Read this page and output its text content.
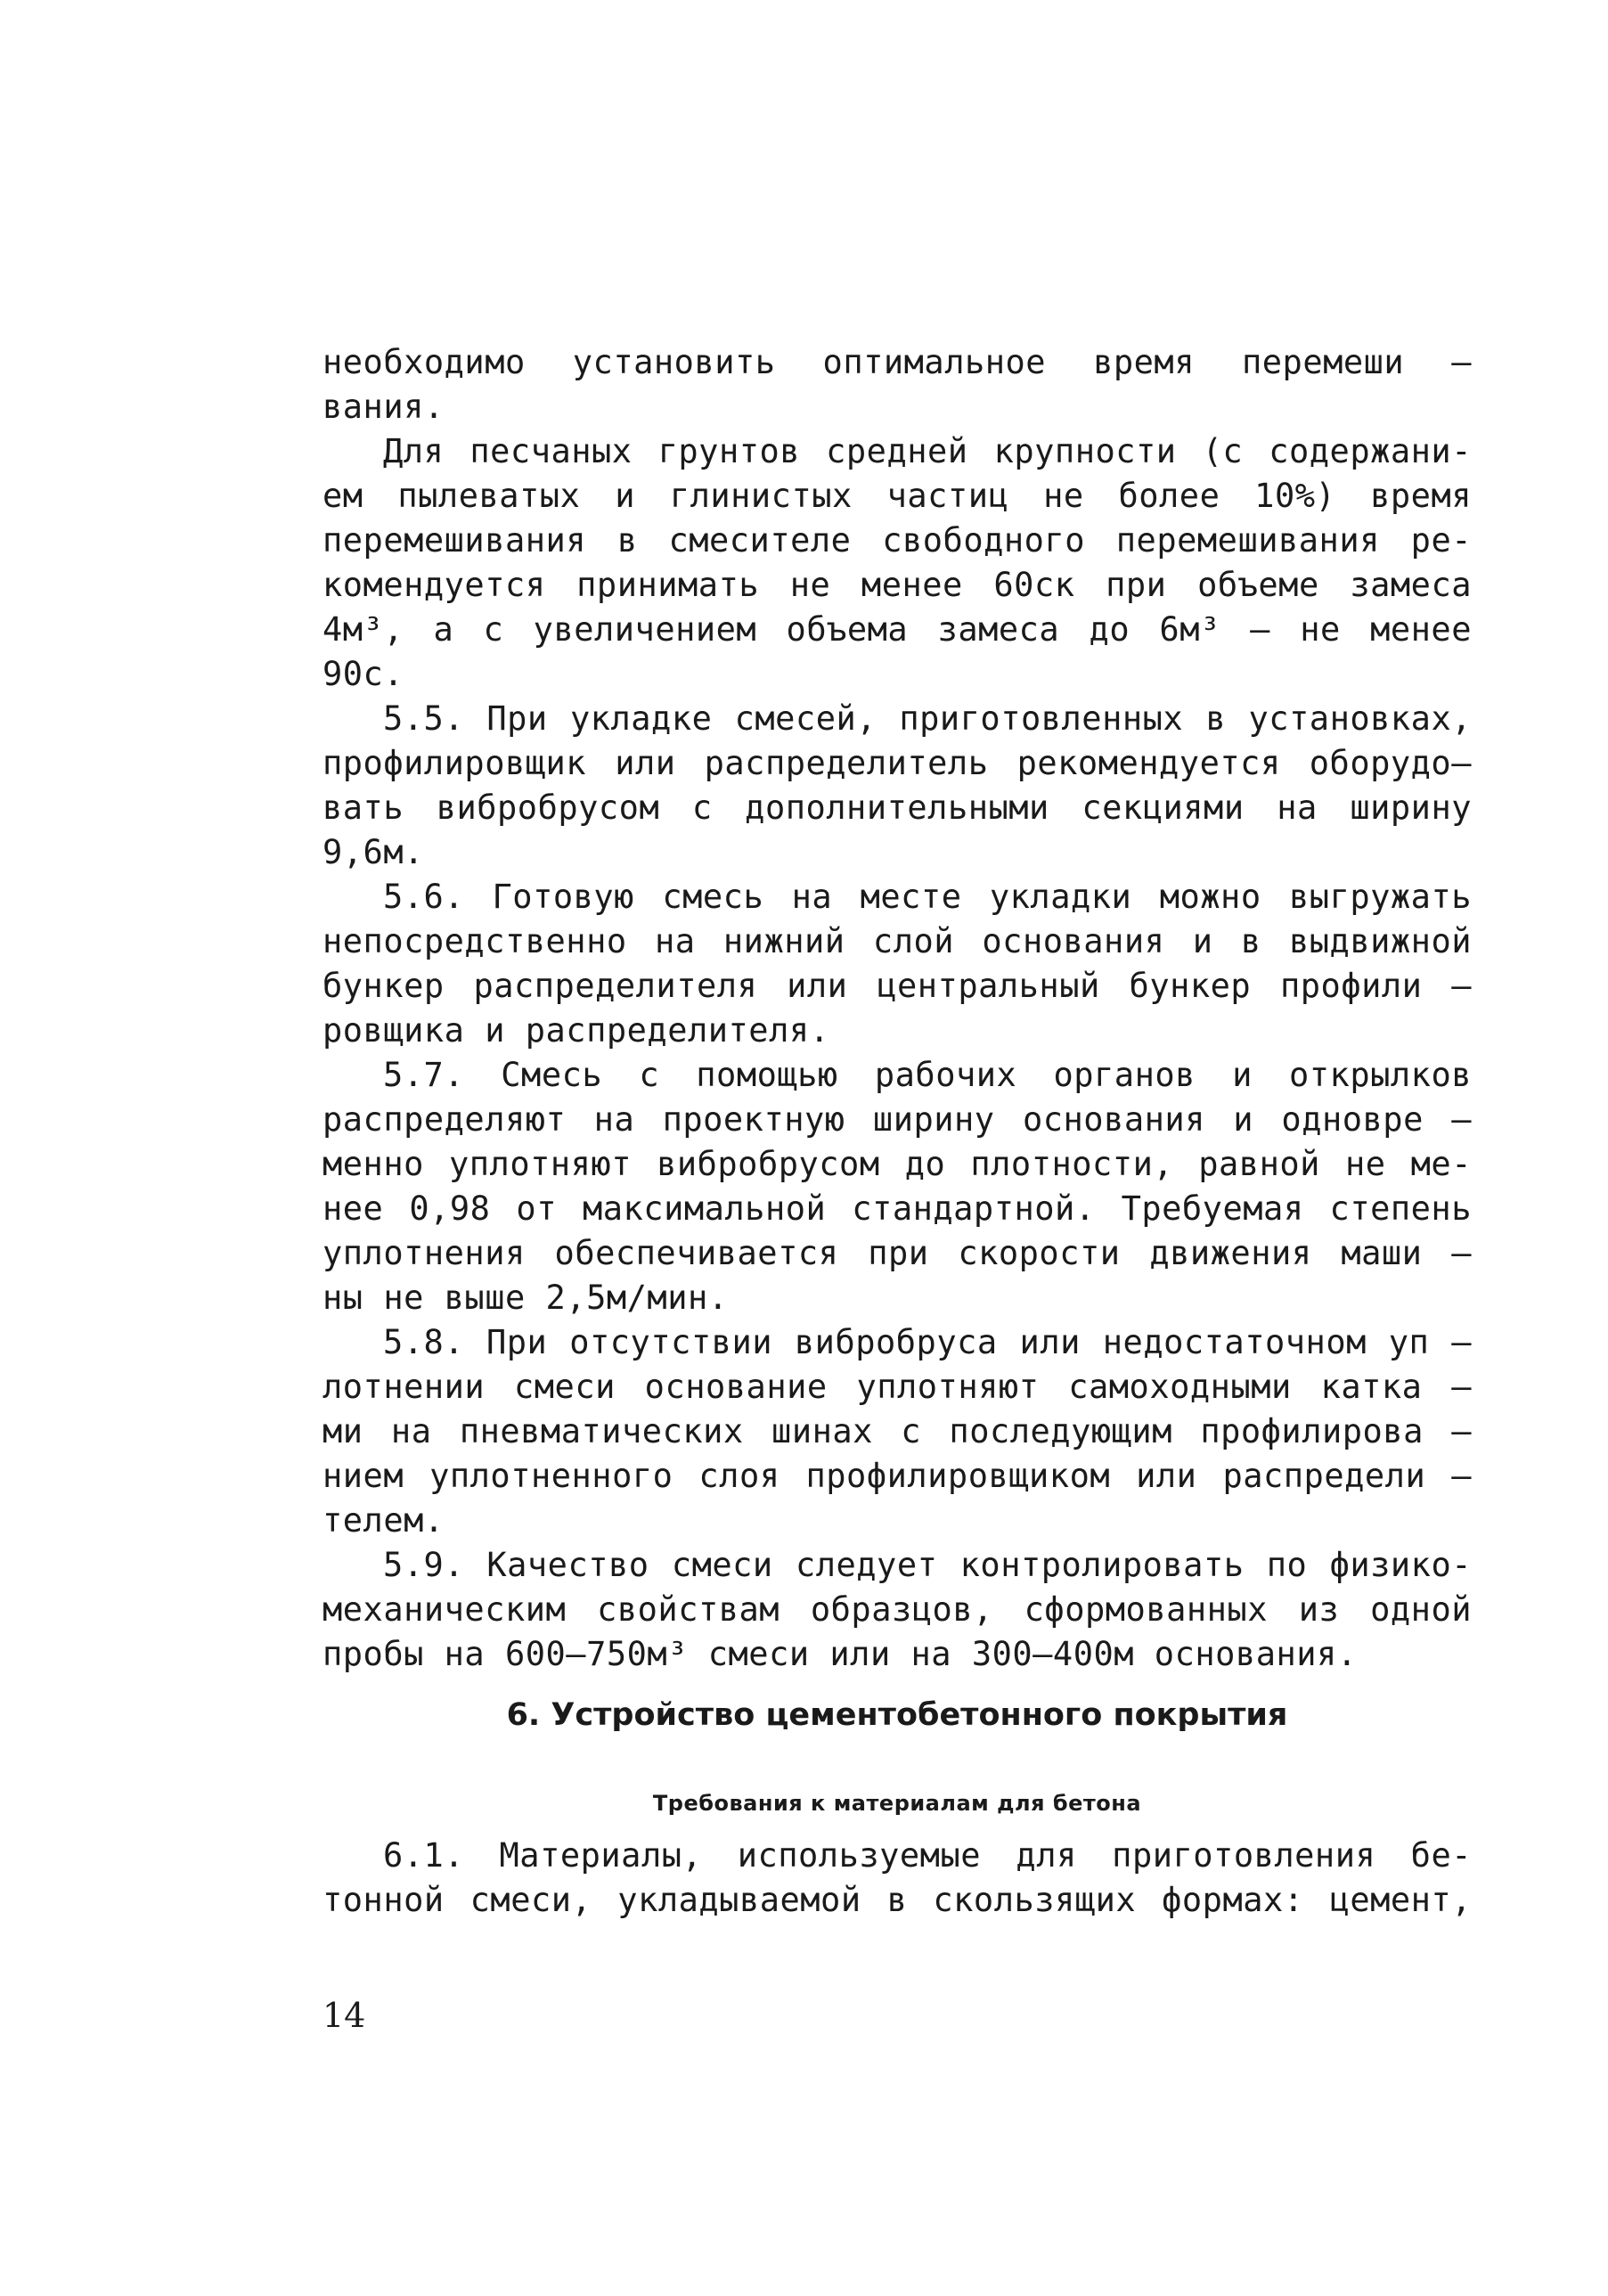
необходимо установить оптимальное время перемеши –
вания.
Для песчаных грунтов средней крупности (с содержани-
ем пылеватых и глинистых частиц не более 10%) время
перемешивания в смесителе свободного перемешивания ре-
комендуется принимать не менее 60ск при объеме замеса
4м³, а с увеличением объема замеса до 6м³ – не менее
90с.
5.5. При укладке смесей, приготовленных в установках,
профилировщик или распределитель рекомендуется оборудо–
вать вибробрусом с дополнительными секциями на ширину
9,6м.
5.6. Готовую смесь на месте укладки можно выгружать
непосредственно на нижний слой основания и в выдвижной
бункер распределителя или центральный бункер профили –
ровщика и распределителя.
5.7. Смесь с помощью рабочих органов и открылков
распределяют на проектную ширину основания и одновре –
менно уплотняют вибробрусом до плотности, равной не ме-
нее 0,98 от максимальной стандартной. Требуемая степень
уплотнения обеспечивается при скорости движения маши –
ны не выше 2,5м/мин.
5.8. При отсутствии вибробруса или недостаточном уп –
лотнении смеси основание уплотняют самоходными катка –
ми на пневматических шинах с последующим профилирова –
нием уплотненного слоя профилировщиком или распредели –
телем.
5.9. Качество смеси следует контролировать по физико-
механическим свойствам образцов, сформованных из одной
пробы на 600–750м³ смеси или на 300–400м основания.
6. Устройство цементобетонного покрытия
Требования к материалам для бетона
6.1. Материалы, используемые для приготовления бе-
тонной смеси, укладываемой в скользящих формах: цемент,
14
